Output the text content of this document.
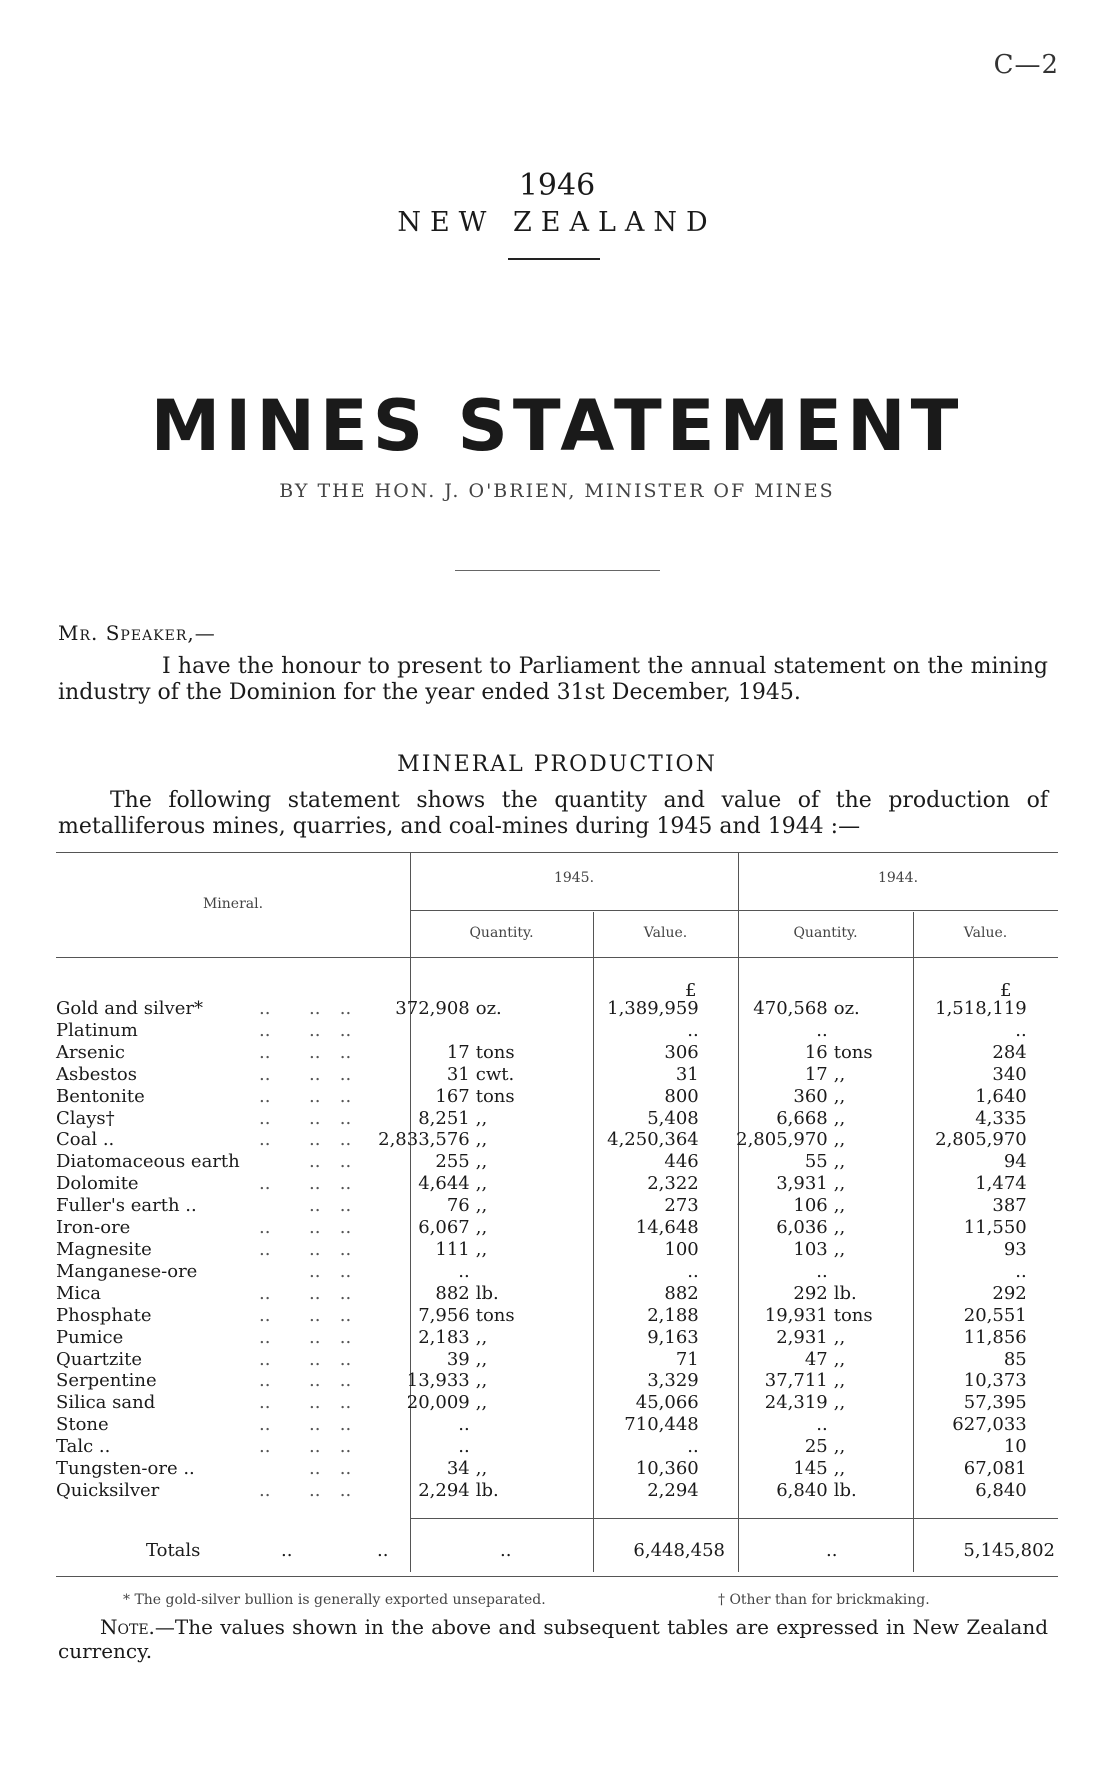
C—2
1946
NEW ZEALAND
MINES STATEMENT
BY THE HON. J. O'BRIEN, MINISTER OF MINES
Mr. Speaker,—

I have the honour to present to Parliament the annual statement on the mining industry of the Dominion for the year ended 31st December, 1945.

MINERAL PRODUCTION

The following statement shows the quantity and value of the production of metalliferous mines, quarries, and coal-mines during 1945 and 1944 :—

Mineral.
1945.	1944.
Quantity.	Value.	Quantity.	Value.
£	£
Gold and silver*	..	..	..	372,908	oz.	1,389,959	470,568	oz.	1,518,119
Platinum	..	..	..			..	..		..
Arsenic	..	..	..	17	tons	306	16	tons	284
Asbestos	..	..	..	31	cwt.	31	17	,,	340
Bentonite	..	..	..	167	tons	800	360	,,	1,640
Clays†	..	..	..	8,251	,,	5,408	6,668	,,	4,335
Coal ..	..	..	..	2,833,576	,,	4,250,364	2,805,970	,,	2,805,970
Diatomaceous earth		..	..	255	,,	446	55	,,	94
Dolomite	..	..	..	4,644	,,	2,322	3,931	,,	1,474
Fuller's earth ..		..	..	76	,,	273	106	,,	387
Iron-ore	..	..	..	6,067	,,	14,648	6,036	,,	11,550
Magnesite	..	..	..	111	,,	100	103	,,	93
Manganese-ore		..	..	..		..	..		..
Mica	..	..	..	882	lb.	882	292	lb.	292
Phosphate	..	..	..	7,956	tons	2,188	19,931	tons	20,551
Pumice	..	..	..	2,183	,,	9,163	2,931	,,	11,856
Quartzite	..	..	..	39	,,	71	47	,,	85
Serpentine	..	..	..	13,933	,,	3,329	37,711	,,	10,373
Silica sand	..	..	..	20,009	,,	45,066	24,319	,,	57,395
Stone	..	..	..	..		710,448	..		627,033
Talc ..	..	..	..	..		..	25	,,	10
Tungsten-ore ..		..	..	34	,,	10,360	145	,,	67,081
Quicksilver	..	..	..	2,294	lb.	2,294	6,840	lb.	6,840
Totals	..	..	..	6,448,458	..	5,145,802
* The gold-silver bullion is generally exported unseparated.	† Other than for brickmaking.

Note.—The values shown in the above and subsequent tables are expressed in New Zealand currency.
